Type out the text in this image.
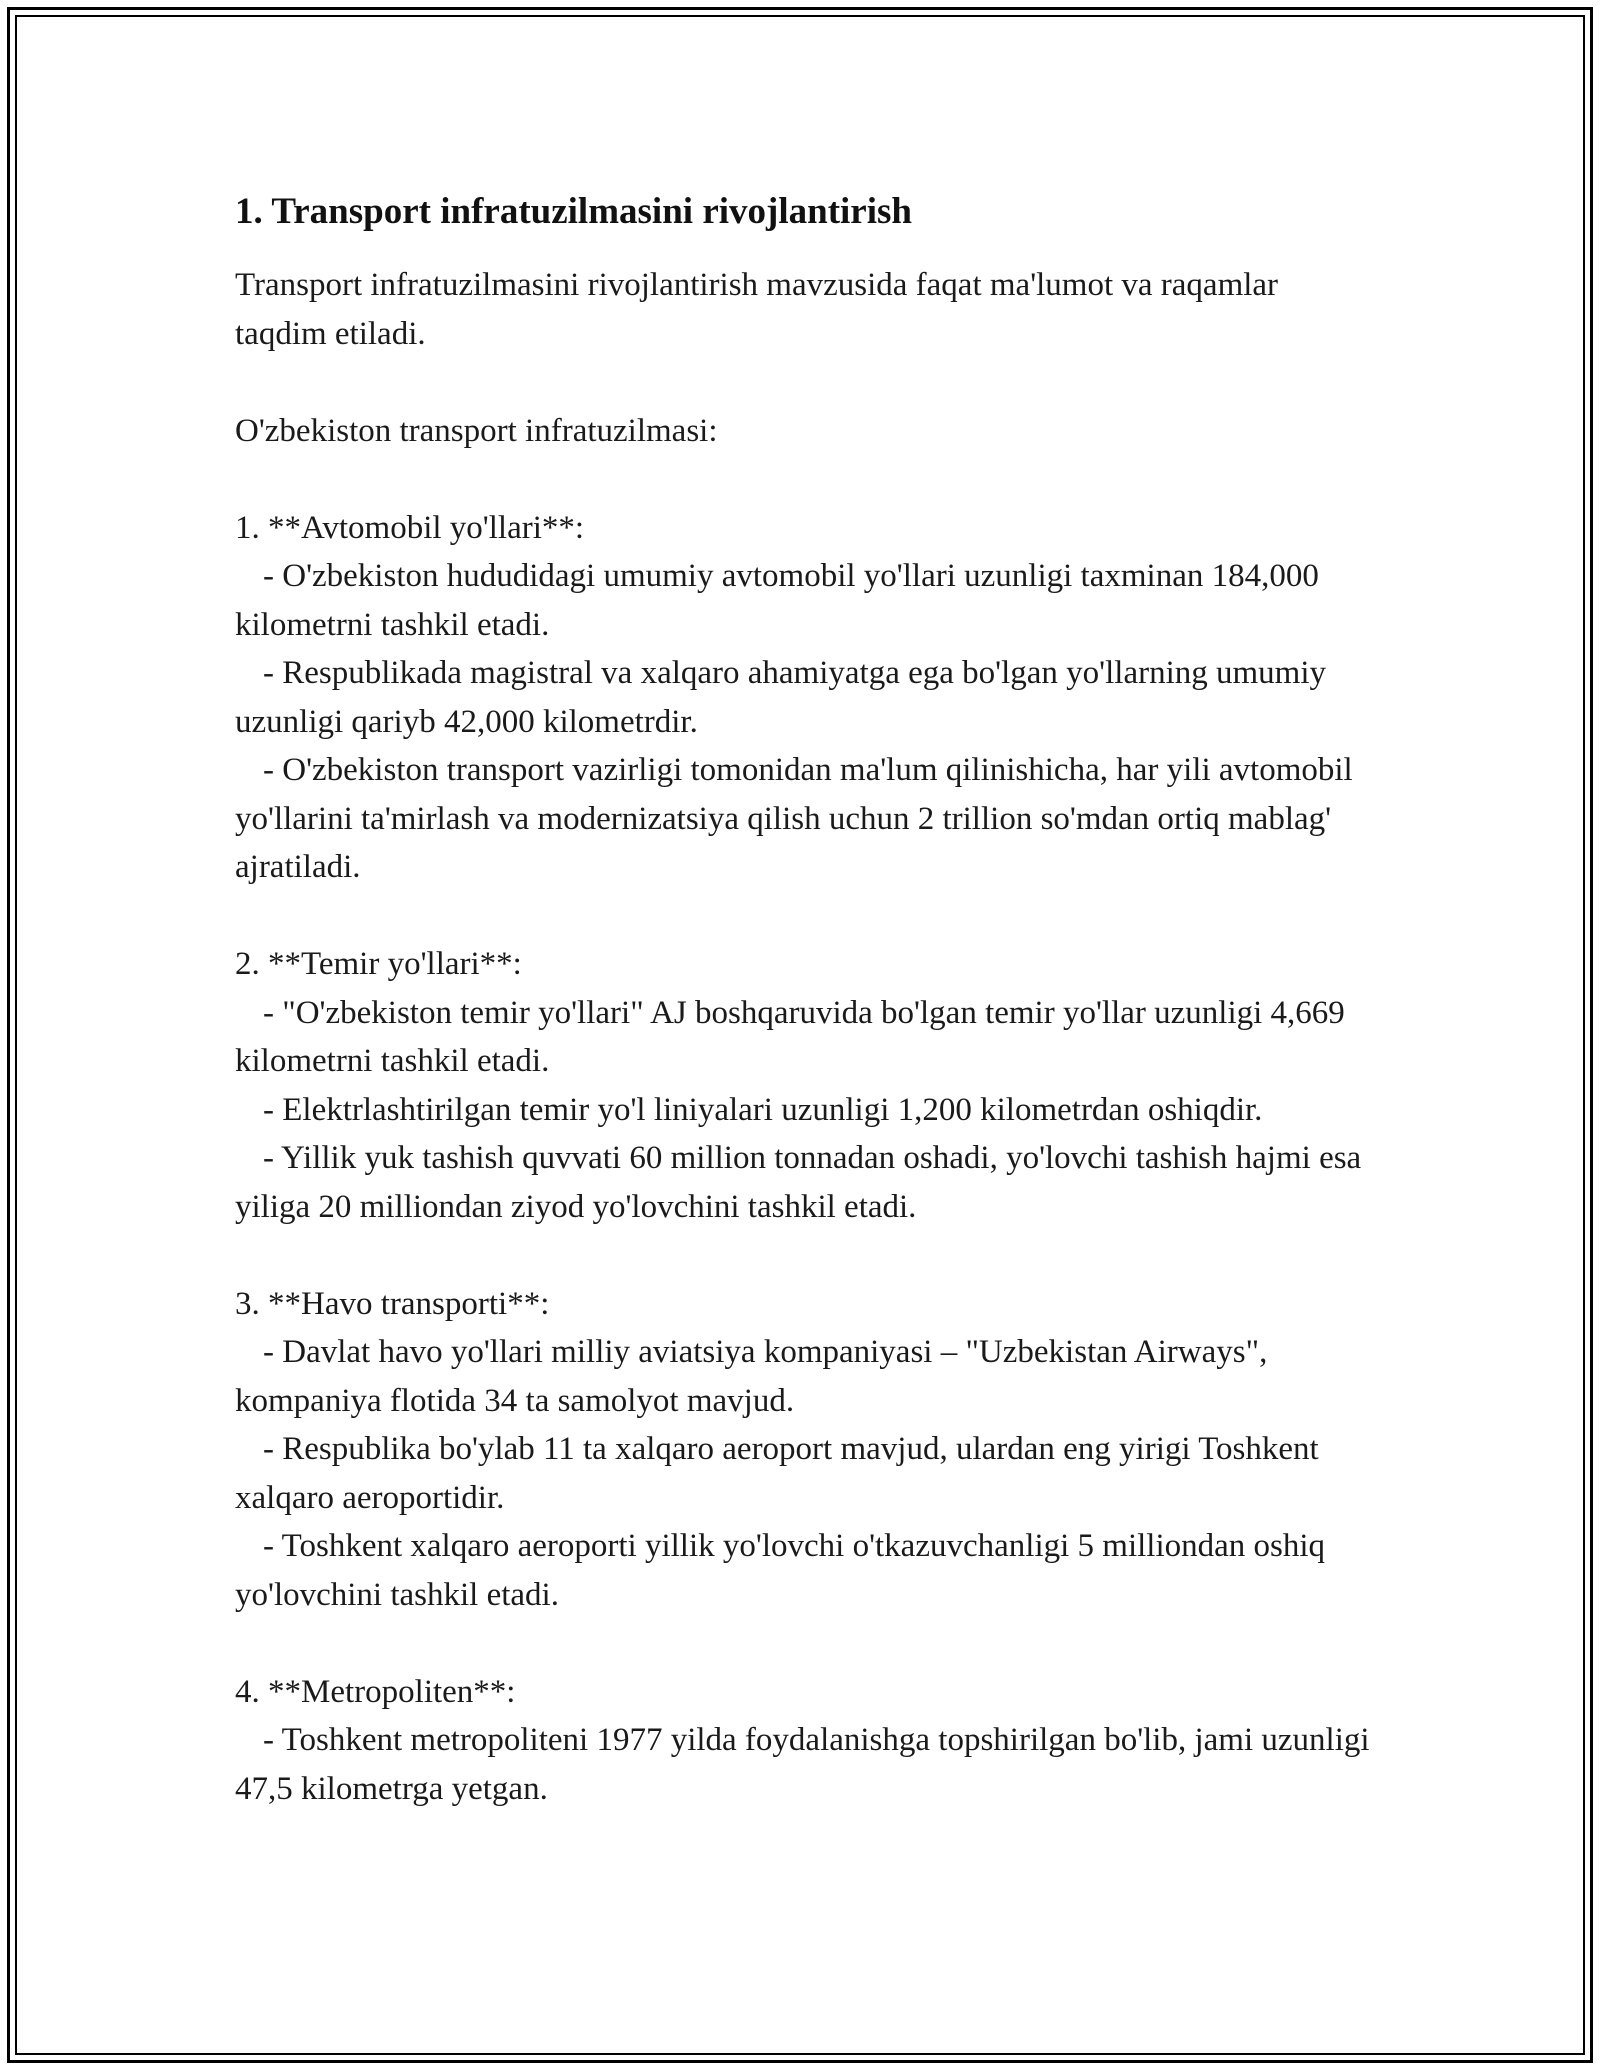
1. Transport infratuzilmasini rivojlantirish

Transport infratuzilmasini rivojlantirish mavzusida faqat ma'lumot va raqamlar taqdim etiladi.

O'zbekiston transport infratuzilmasi:

1. **Avtomobil yo'llari**:

- O'zbekiston hududidagi umumiy avtomobil yo'llari uzunligi taxminan 184,000 kilometrni tashkil etadi.

- Respublikada magistral va xalqaro ahamiyatga ega bo'lgan yo'llarning umumiy uzunligi qariyb 42,000 kilometrdir.

- O'zbekiston transport vazirligi tomonidan ma'lum qilinishicha, har yili avtomobil yo'llarini ta'mirlash va modernizatsiya qilish uchun 2 trillion so'mdan ortiq mablag' ajratiladi.

2. **Temir yo'llari**:

- "O'zbekiston temir yo'llari" AJ boshqaruvida bo'lgan temir yo'llar uzunligi 4,669 kilometrni tashkil etadi.

- Elektrlashtirilgan temir yo'l liniyalari uzunligi 1,200 kilometrdan oshiqdir.

- Yillik yuk tashish quvvati 60 million tonnadan oshadi, yo'lovchi tashish hajmi esa yiliga 20 milliondan ziyod yo'lovchini tashkil etadi.

3. **Havo transporti**:

- Davlat havo yo'llari milliy aviatsiya kompaniyasi – "Uzbekistan Airways", kompaniya flotida 34 ta samolyot mavjud.

- Respublika bo'ylab 11 ta xalqaro aeroport mavjud, ulardan eng yirigi Toshkent xalqaro aeroportidir.

- Toshkent xalqaro aeroporti yillik yo'lovchi o'tkazuvchanligi 5 milliondan oshiq yo'lovchini tashkil etadi.

4. **Metropoliten**:

- Toshkent metropoliteni 1977 yilda foydalanishga topshirilgan bo'lib, jami uzunligi 47,5 kilometrga yetgan.
